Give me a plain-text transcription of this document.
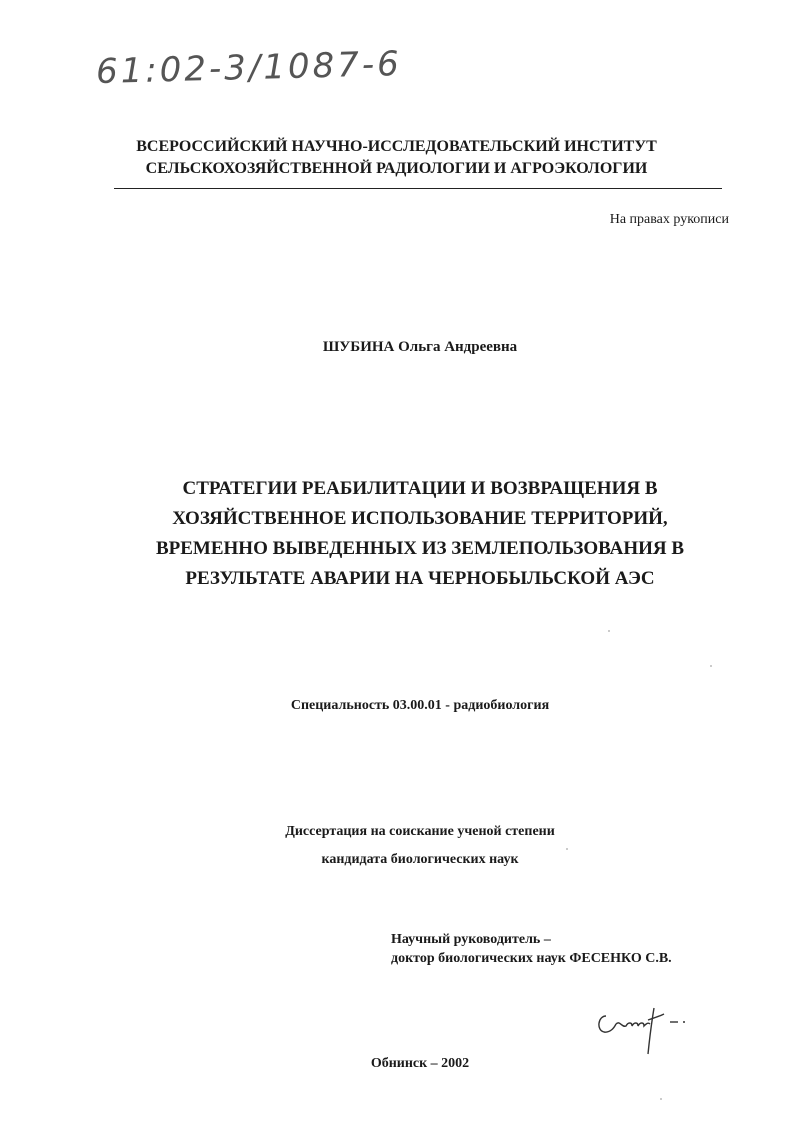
61:02-3/1087-6
ВСЕРОССИЙСКИЙ НАУЧНО-ИССЛЕДОВАТЕЛЬСКИЙ ИНСТИТУТ
СЕЛЬСКОХОЗЯЙСТВЕННОЙ РАДИОЛОГИИ И АГРОЭКОЛОГИИ
На правах рукописи
ШУБИНА Ольга Андреевна
СТРАТЕГИИ РЕАБИЛИТАЦИИ И ВОЗВРАЩЕНИЯ В
ХОЗЯЙСТВЕННОЕ ИСПОЛЬЗОВАНИЕ ТЕРРИТОРИЙ,
ВРЕМЕННО ВЫВЕДЕННЫХ ИЗ ЗЕМЛЕПОЛЬЗОВАНИЯ В
РЕЗУЛЬТАТЕ АВАРИИ НА ЧЕРНОБЫЛЬСКОЙ АЭС
Специальность 03.00.01 - радиобиология
Диссертация на соискание ученой степени
кандидата биологических наук
Научный руководитель –
доктор биологических наук ФЕСЕНКО С.В.
Обнинск – 2002
